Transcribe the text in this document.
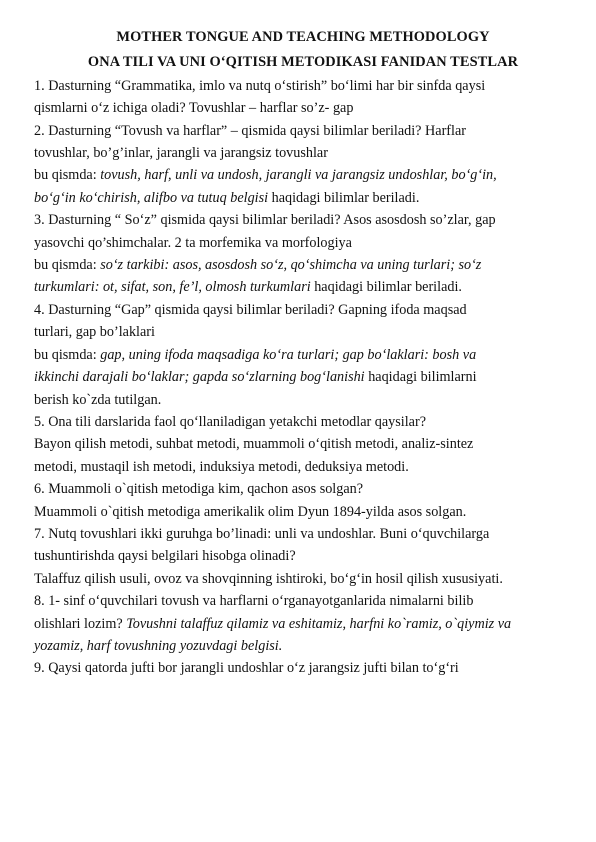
MOTHER TONGUE AND TEACHING METHODOLOGY

ONA TILI VA UNI O‘QITISH METODIKASI FANIDAN TESTLAR

1. Dasturning “Grammatika, imlo va nutq o‘stirish” bo‘limi har bir sinfda qaysi

qismlarni o‘z ichiga oladi? Tovushlar – harflar so’z- gap

2. Dasturning “Tovush va harflar” – qismida qaysi bilimlar beriladi? Harflar

tovushlar, bo’g’inlar, jarangli va jarangsiz tovushlar

bu qismda: tovush, harf, unli va undosh, jarangli va jarangsiz undoshlar, bo‘g‘in,

bo‘g‘in ko‘chirish, alifbo va tutuq belgisi haqidagi bilimlar beriladi.

3. Dasturning “ So‘z” qismida qaysi bilimlar beriladi? Asos asosdosh so’zlar, gap

yasovchi qo’shimchalar. 2 ta morfemika va morfologiya

bu qismda: so‘z tarkibi: asos, asosdosh so‘z, qo‘shimcha va uning turlari; so‘z

turkumlari: ot, sifat, son, fe’l, olmosh turkumlari haqidagi bilimlar beriladi.

4. Dasturning “Gap” qismida qaysi bilimlar beriladi? Gapning ifoda maqsad

turlari, gap bo’laklari

bu qismda: gap, uning ifoda maqsadiga ko‘ra turlari; gap bo‘laklari: bosh va

ikkinchi darajali bo‘laklar; gapda so‘zlarning bog‘lanishi haqidagi bilimlarni

berish ko`zda tutilgan.

5. Ona tili darslarida faol qo‘llaniladigan yetakchi metodlar qaysilar?

Bayon qilish metodi, suhbat metodi, muammoli o‘qitish metodi, analiz-sintez

metodi, mustaqil ish metodi, induksiya metodi, deduksiya metodi.

6. Muammoli o`qitish metodiga kim, qachon asos solgan?

Muammoli o`qitish metodiga amerikalik olim Dyun 1894-yilda asos solgan.

7. Nutq tovushlari ikki guruhga bo’linadi: unli va undoshlar. Buni o‘quvchilarga

tushuntirishda qaysi belgilari hisobga olinadi?

Talaffuz qilish usuli, ovoz va shovqinning ishtiroki, bo‘g‘in hosil qilish xususiyati.

8. 1- sinf o‘quvchilari tovush va harflarni o‘rganayotganlarida nimalarni bilib

olishlari lozim? Tovushni talaffuz qilamiz va eshitamiz, harfni ko`ramiz, o`qiymiz va

yozamiz, harf tovushning yozuvdagi belgisi.

9. Qaysi qatorda jufti bor jarangli undoshlar o‘z jarangsiz jufti bilan to‘g‘ri
